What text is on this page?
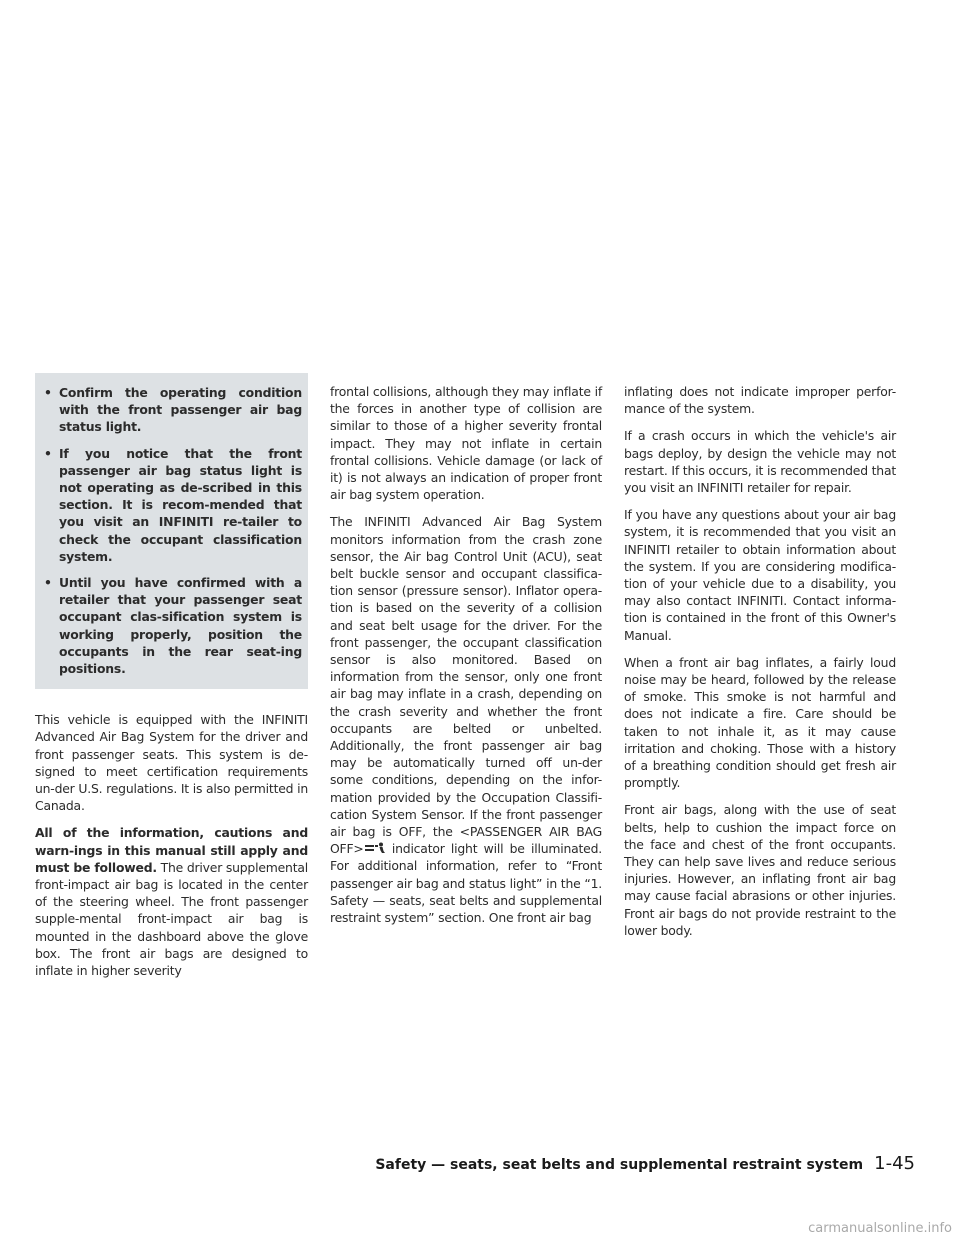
• Confirm the operating condition with the front passenger air bag status light.
• If you notice that the front passenger air bag status light is not operating as de-scribed in this section. It is recom-mended that you visit an INFINITI re-tailer to check the occupant classification system.
• Until you have confirmed with a retailer that your passenger seat occupant clas-sification system is working properly, position the occupants in the rear seat-ing positions.

This vehicle is equipped with the INFINITI Advanced Air Bag System for the driver and front passenger seats. This system is de-signed to meet certification requirements un-der U.S. regulations. It is also permitted in Canada.

All of the information, cautions and warn-ings in this manual still apply and must be followed. The driver supplemental front-impact air bag is located in the center of the steering wheel. The front passenger supple-mental front-impact air bag is mounted in the dashboard above the glove box. The front air bags are designed to inflate in higher severity

frontal collisions, although they may inflate if the forces in another type of collision are similar to those of a higher severity frontal impact. They may not inflate in certain frontal collisions. Vehicle damage (or lack of it) is not always an indication of proper front air bag system operation.

The INFINITI Advanced Air Bag System monitors information from the crash zone sensor, the Air bag Control Unit (ACU), seat belt buckle sensor and occupant classifica-tion sensor (pressure sensor). Inflator opera-tion is based on the severity of a collision and seat belt usage for the driver. For the front passenger, the occupant classification sensor is also monitored. Based on information from the sensor, only one front air bag may inflate in a crash, depending on the crash severity and whether the front occupants are belted or unbelted. Additionally, the front passenger air bag may be automatically turned off un-der some conditions, depending on the infor-mation provided by the Occupation Classifi-cation System Sensor. If the front passenger air bag is OFF, the <PASSENGER AIR BAG OFF> indicator light will be illuminated. For additional information, refer to “Front passenger air bag and status light” in the “1. Safety — seats, seat belts and supplemental restraint system” section. One front air bag

inflating does not indicate improper perfor-mance of the system.

If a crash occurs in which the vehicle's air bags deploy, by design the vehicle may not restart. If this occurs, it is recommended that you visit an INFINITI retailer for repair.

If you have any questions about your air bag system, it is recommended that you visit an INFINITI retailer to obtain information about the system. If you are considering modifica-tion of your vehicle due to a disability, you may also contact INFINITI. Contact informa-tion is contained in the front of this Owner's Manual.

When a front air bag inflates, a fairly loud noise may be heard, followed by the release of smoke. This smoke is not harmful and does not indicate a fire. Care should be taken to not inhale it, as it may cause irritation and choking. Those with a history of a breathing condition should get fresh air promptly.

Front air bags, along with the use of seat belts, help to cushion the impact force on the face and chest of the front occupants. They can help save lives and reduce serious injuries. However, an inflating front air bag may cause facial abrasions or other injuries. Front air bags do not provide restraint to the lower body.

Safety — seats, seat belts and supplemental restraint system 1-45
carmanualsonline.info
